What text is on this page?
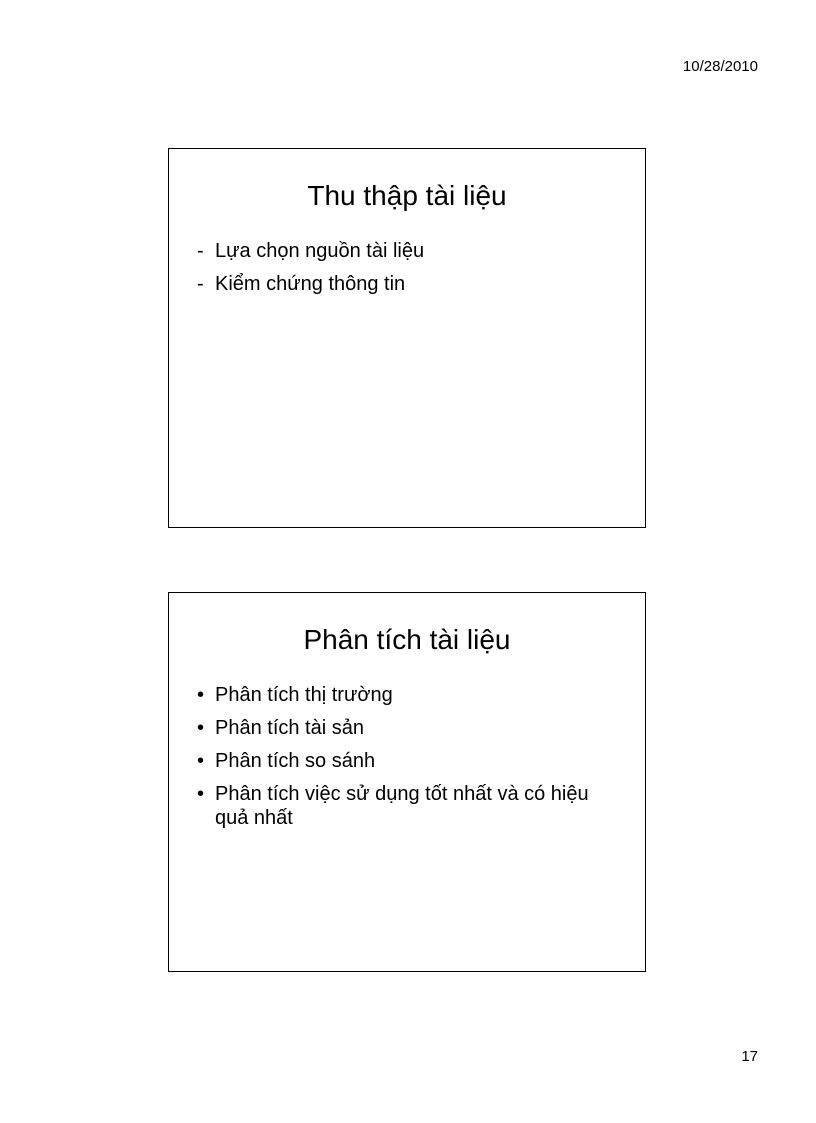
10/28/2010
Thu thập tài liệu
- Lựa chọn nguồn tài liệu
- Kiểm chứng thông tin
Phân tích tài liệu
• Phân tích thị trường
• Phân tích tài sản
• Phân tích so sánh
• Phân tích việc sử dụng tốt nhất và có hiệu quả nhất
17
